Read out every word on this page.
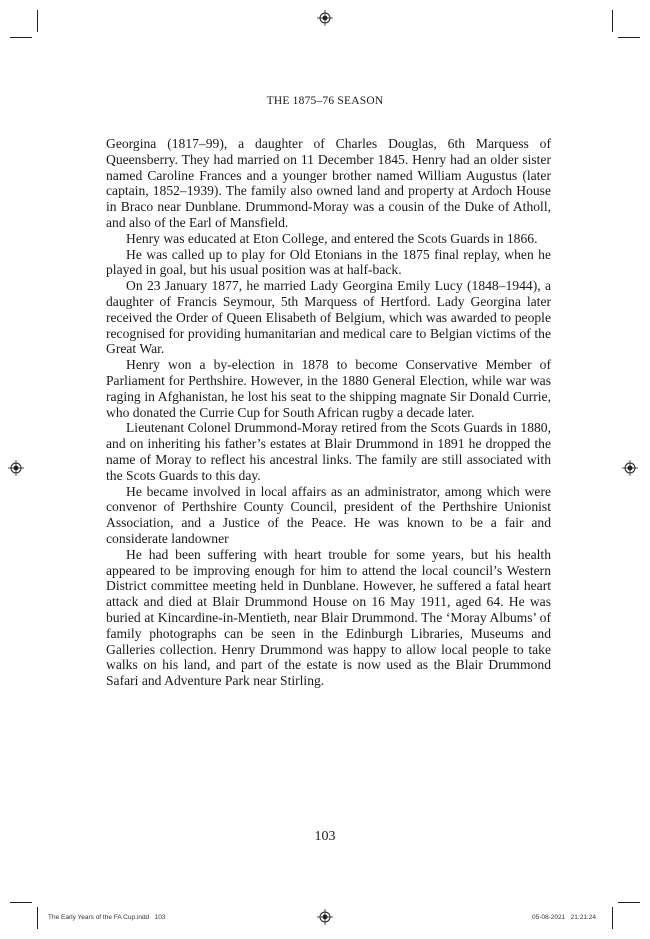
THE 1875–76 SEASON

Georgina (1817–99), a daughter of Charles Douglas, 6th Marquess of Queensberry. They had married on 11 December 1845. Henry had an older sister named Caroline Frances and a younger brother named William Augustus (later captain, 1852–1939). The family also owned land and property at Ardoch House in Braco near Dunblane. Drummond-Moray was a cousin of the Duke of Atholl, and also of the Earl of Mansfield.

Henry was educated at Eton College, and entered the Scots Guards in 1866.

He was called up to play for Old Etonians in the 1875 final replay, when he played in goal, but his usual position was at half-back.

On 23 January 1877, he married Lady Georgina Emily Lucy (1848–1944), a daughter of Francis Seymour, 5th Marquess of Hertford. Lady Georgina later received the Order of Queen Elisabeth of Belgium, which was awarded to people recognised for providing humanitarian and medical care to Belgian victims of the Great War.

Henry won a by-election in 1878 to become Conservative Member of Parliament for Perthshire. However, in the 1880 General Election, while war was raging in Afghanistan, he lost his seat to the shipping magnate Sir Donald Currie, who donated the Currie Cup for South African rugby a decade later.

Lieutenant Colonel Drummond-Moray retired from the Scots Guards in 1880, and on inheriting his father’s estates at Blair Drummond in 1891 he dropped the name of Moray to reflect his ancestral links. The family are still associated with the Scots Guards to this day.

He became involved in local affairs as an administrator, among which were convenor of Perthshire County Council, president of the Perthshire Unionist Association, and a Justice of the Peace. He was known to be a fair and considerate landowner

He had been suffering with heart trouble for some years, but his health appeared to be improving enough for him to attend the local council’s Western District committee meeting held in Dunblane. However, he suffered a fatal heart attack and died at Blair Drummond House on 16 May 1911, aged 64. He was buried at Kincardine-in-Mentieth, near Blair Drummond. The ‘Moray Albums’ of family photographs can be seen in the Edinburgh Libraries, Museums and Galleries collection. Henry Drummond was happy to allow local people to take walks on his land, and part of the estate is now used as the Blair Drummond Safari and Adventure Park near Stirling.

103
The Early Years of the FA Cup.indd   103	05-08-2021   21:21:24
